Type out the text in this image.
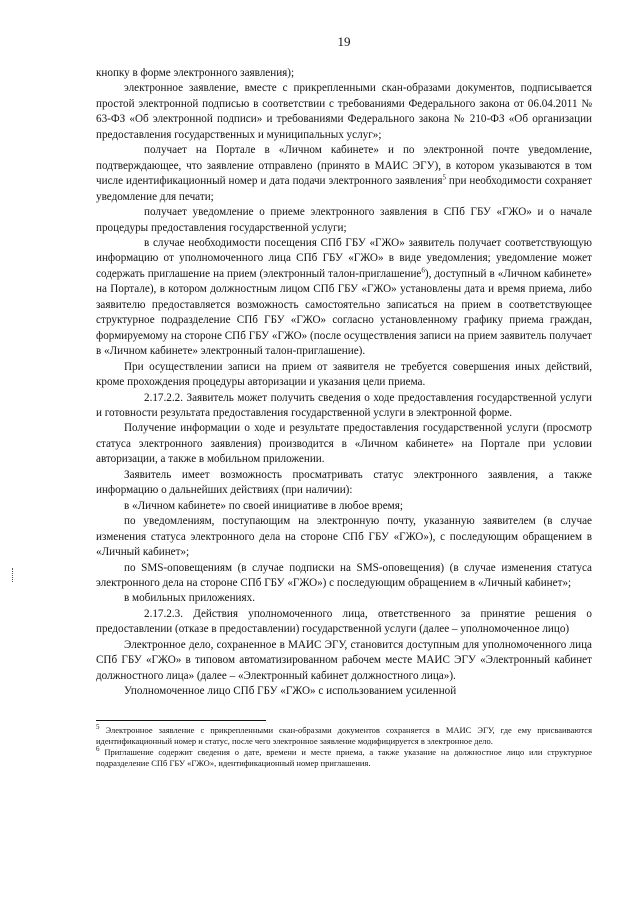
19

кнопку в форме электронного заявления);

электронное заявление, вместе с прикрепленными скан-образами документов, подписывается простой электронной подписью в соответствии с требованиями Федерального закона от 06.04.2011 № 63-ФЗ «Об электронной подписи» и требованиями Федерального закона № 210-ФЗ «Об организации предоставления государственных и муниципальных услуг»;

получает на Портале в «Личном кабинете» и по электронной почте уведомление, подтверждающее, что заявление отправлено (принято в МАИС ЭГУ), в котором указываются в том числе идентификационный номер и дата подачи электронного заявления$^5$ при необходимости сохраняет уведомление для печати;

получает уведомление о приеме электронного заявления в СПб ГБУ «ГЖО» и о начале процедуры предоставления государственной услуги;

в случае необходимости посещения СПб ГБУ «ГЖО» заявитель получает соответствующую информацию от уполномоченного лица СПб ГБУ «ГЖО» в виде уведомления; уведомление может содержать приглашение на прием (электронный талон-приглашение$^6$), доступный в «Личном кабинете» на Портале), в котором должностным лицом СПб ГБУ «ГЖО» установлены дата и время приема, либо заявителю предоставляется возможность самостоятельно записаться на прием в соответствующее структурное подразделение СПб ГБУ «ГЖО» согласно установленному графику приема граждан, формируемому на стороне СПб ГБУ «ГЖО» (после осуществления записи на прием заявитель получает в «Личном кабинете» электронный талон-приглашение).

При осуществлении записи на прием от заявителя не требуется совершения иных действий, кроме прохождения процедуры авторизации и указания цели приема.

2.17.2.2. Заявитель может получить сведения о ходе предоставления государственной услуги и готовности результата предоставления государственной услуги в электронной форме.

Получение информации о ходе и результате предоставления государственной услуги (просмотр статуса электронного заявления) производится в «Личном кабинете» на Портале при условии авторизации, а также в мобильном приложении.

Заявитель имеет возможность просматривать статус электронного заявления, а также информацию о дальнейших действиях (при наличии):

в «Личном кабинете» по своей инициативе в любое время;

по уведомлениям, поступающим на электронную почту, указанную заявителем (в случае изменения статуса электронного дела на стороне СПб ГБУ «ГЖО»), с последующим обращением в «Личный кабинет»;

по SMS-оповещениям (в случае подписки на SMS-оповещения) (в случае изменения статуса электронного дела на стороне СПб ГБУ «ГЖО») с последующим обращением в «Личный кабинет»;

в мобильных приложениях.

2.17.2.3. Действия уполномоченного лица, ответственного за принятие решения о предоставлении (отказе в предоставлении) государственной услуги (далее – уполномоченное лицо)

Электронное дело, сохраненное в МАИС ЭГУ, становится доступным для уполномоченного лица СПб ГБУ «ГЖО» в типовом автоматизированном рабочем месте МАИС ЭГУ «Электронный кабинет должностного лица» (далее – «Электронный кабинет должностного лица»).

Уполномоченное лицо СПб ГБУ «ГЖО» с использованием усиленной

$^5$ Электронное заявление с прикрепленными скан-образами документов сохраняется в МАИС ЭГУ, где ему присваиваются идентификационный номер и статус, после чего электронное заявление модифицируется в электронное дело.

$^6$ Приглашение содержит сведения о дате, времени и месте приема, а также указание на должностное лицо или структурное подразделение СПб ГБУ «ГЖО», идентификационный номер приглашения.
